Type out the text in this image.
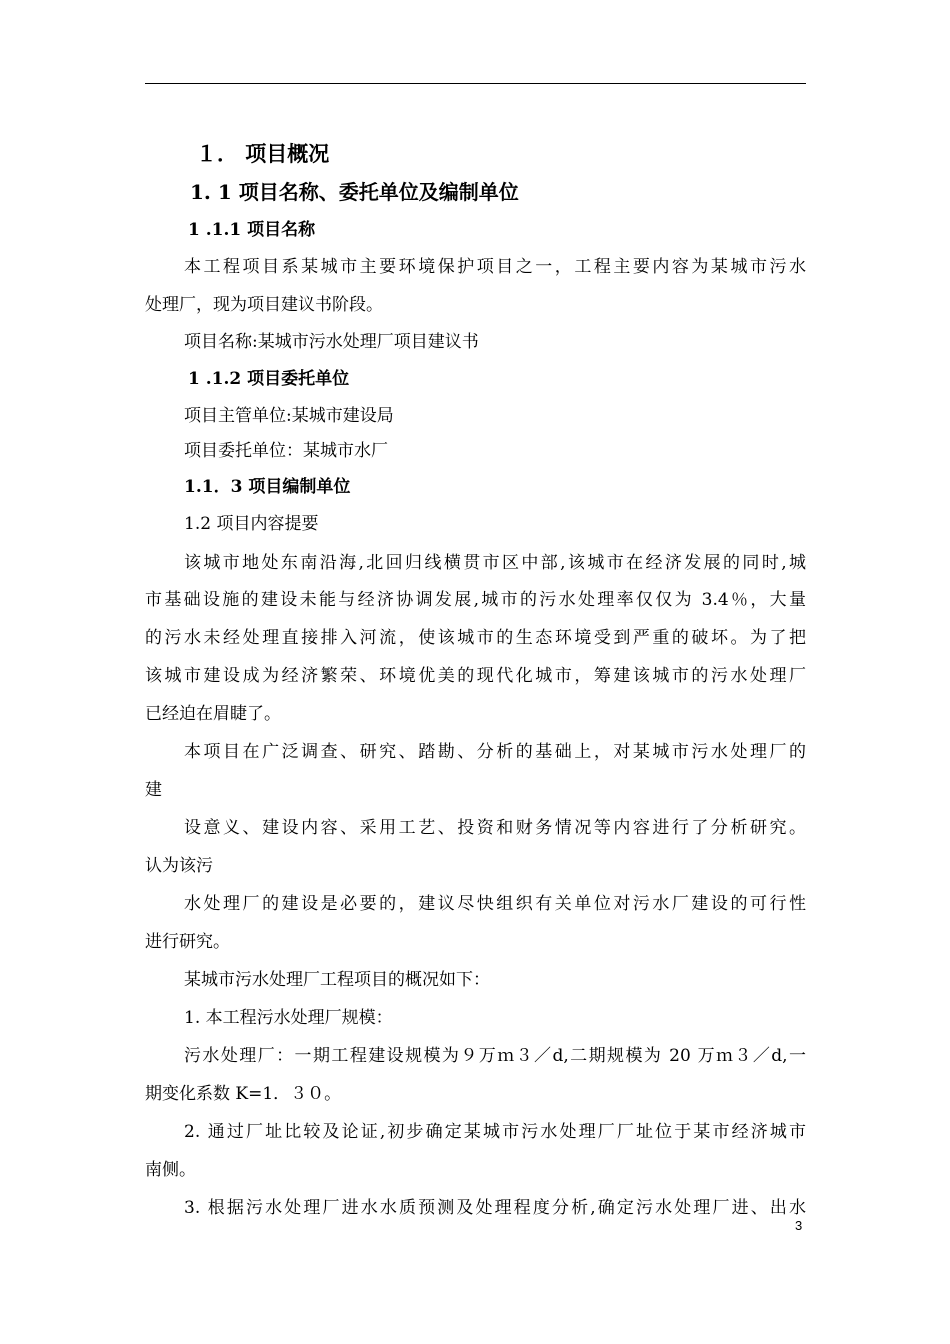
１． 项目概况
1. 1 项目名称、委托单位及编制单位
1 .1.1 项目名称
本工程项目系某城市主要环境保护项目之一，工程主要内容为某城市污水
处理厂，现为项目建议书阶段。
项目名称:某城市污水处理厂项目建议书
1 .1.2 项目委托单位
项目主管单位:某城市建设局
项目委托单位：某城市水厂
1.1．3 项目编制单位
1.2 项目内容提要
该城市地处东南沿海,北回归线横贯市区中部,该城市在经济发展的同时,城
市基础设施的建设未能与经济协调发展,城市的污水处理率仅仅为 3.4％，大量
的污水未经处理直接排入河流，使该城市的生态环境受到严重的破坏。为了把
该城市建设成为经济繁荣、环境优美的现代化城市，筹建该城市的污水处理厂
已经迫在眉睫了。
本项目在广泛调查、研究、踏勘、分析的基础上，对某城市污水处理厂的
建
设意义、建设内容、采用工艺、投资和财务情况等内容进行了分析研究。
认为该污
水处理厂的建设是必要的，建议尽快组织有关单位对污水厂建设的可行性
进行研究。
某城市污水处理厂工程项目的概况如下：
1. 本工程污水处理厂规模：
污水处理厂：一期工程建设规模为９万ｍ３／d,二期规模为 20 万ｍ３／d,一
期变化系数 K=1．３０。
2. 通过厂址比较及论证,初步确定某城市污水处理厂厂址位于某市经济城市
南侧。
3. 根据污水处理厂进水水质预测及处理程度分析,确定污水处理厂进、出水
3
